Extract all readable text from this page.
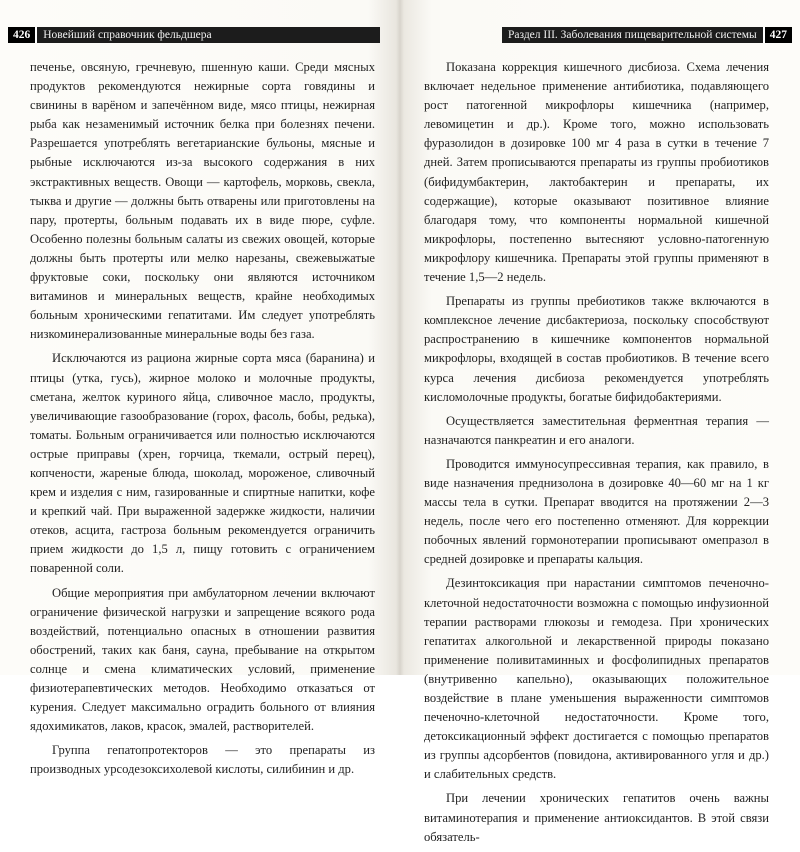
426 Новейший справочник фельдшера

печенье, овсяную, гречневую, пшенную каши. Среди мясных продуктов рекомендуются нежирные сорта говядины и свинины в варёном и запечённом виде, мясо птицы, нежирная рыба как незаменимый источник белка при болезнях печени. Разрешается употреблять вегетарианские бульоны, мясные и рыбные исключаются из-за высокого содержания в них экстрактивных веществ. Овощи — картофель, морковь, свекла, тыква и другие — должны быть отварены или приготовлены на пару, протерты, больным подавать их в виде пюре, суфле. Особенно полезны больным салаты из свежих овощей, которые должны быть протерты или мелко нарезаны, свежевыжатые фруктовые соки, поскольку они являются источником витаминов и минеральных веществ, крайне необходимых больным хроническими гепатитами. Им следует употреблять низкоминерализованные минеральные воды без газа.

Исключаются из рациона жирные сорта мяса (баранина) и птицы (утка, гусь), жирное молоко и молочные продукты, сметана, желток куриного яйца, сливочное масло, продукты, увеличивающие газообразование (горох, фасоль, бобы, редька), томаты. Больным ограничивается или полностью исключаются острые приправы (хрен, горчица, ткемали, острый перец), копчености, жареные блюда, шоколад, мороженое, сливочный крем и изделия с ним, газированные и спиртные напитки, кофе и крепкий чай. При выраженной задержке жидкости, наличии отеков, асцита, гастроза больным рекомендуется ограничить прием жидкости до 1,5 л, пищу готовить с ограничением поваренной соли.

Общие мероприятия при амбулаторном лечении включают ограничение физической нагрузки и запрещение всякого рода воздействий, потенциально опасных в отношении развития обострений, таких как баня, сауна, пребывание на открытом солнце и смена климатических условий, применение физиотерапевтических методов. Необходимо отказаться от курения. Следует максимально оградить больного от влияния ядохимикатов, лаков, красок, эмалей, растворителей.

Группа гепатопротекторов — это препараты из производных урсодезоксихолевой кислоты, силибинин и др.

Раздел III. Заболевания пищеварительной системы 427

Показана коррекция кишечного дисбиоза. Схема лечения включает недельное применение антибиотика, подавляющего рост патогенной микрофлоры кишечника (например, левомицетин и др.). Кроме того, можно использовать фуразолидон в дозировке 100 мг 4 раза в сутки в течение 7 дней. Затем прописываются препараты из группы пробиотиков (бифидумбактерин, лактобактерин и препараты, их содержащие), которые оказывают позитивное влияние благодаря тому, что компоненты нормальной кишечной микрофлоры, постепенно вытесняют условно-патогенную микрофлору кишечника. Препараты этой группы применяют в течение 1,5—2 недель.

Препараты из группы пребиотиков также включаются в комплексное лечение дисбактериоза, поскольку способствуют распространению в кишечнике компонентов нормальной микрофлоры, входящей в состав пробиотиков. В течение всего курса лечения дисбиоза рекомендуется употреблять кисломолочные продукты, богатые бифидобактериями.

Осуществляется заместительная ферментная терапия — назначаются панкреатин и его аналоги.

Проводится иммуносупрессивная терапия, как правило, в виде назначения преднизолона в дозировке 40—60 мг на 1 кг массы тела в сутки. Препарат вводится на протяжении 2—3 недель, после чего его постепенно отменяют. Для коррекции побочных явлений гормонотерапии прописывают омепразол в средней дозировке и препараты кальция.

Дезинтоксикация при нарастании симптомов печеночно-клеточной недостаточности возможна с помощью инфузионной терапии растворами глюкозы и гемодеза. При хронических гепатитах алкогольной и лекарственной природы показано применение поливитаминных и фосфолипидных препаратов (внутривенно капельно), оказывающих положительное воздействие в плане уменьшения выраженности симптомов печеночно-клеточной недостаточности. Кроме того, детоксикационный эффект достигается с помощью препаратов из группы адсорбентов (повидона, активированного угля и др.) и слабительных средств.

При лечении хронических гепатитов очень важны витаминотерапия и применение антиоксидантов. В этой связи обязатель-
